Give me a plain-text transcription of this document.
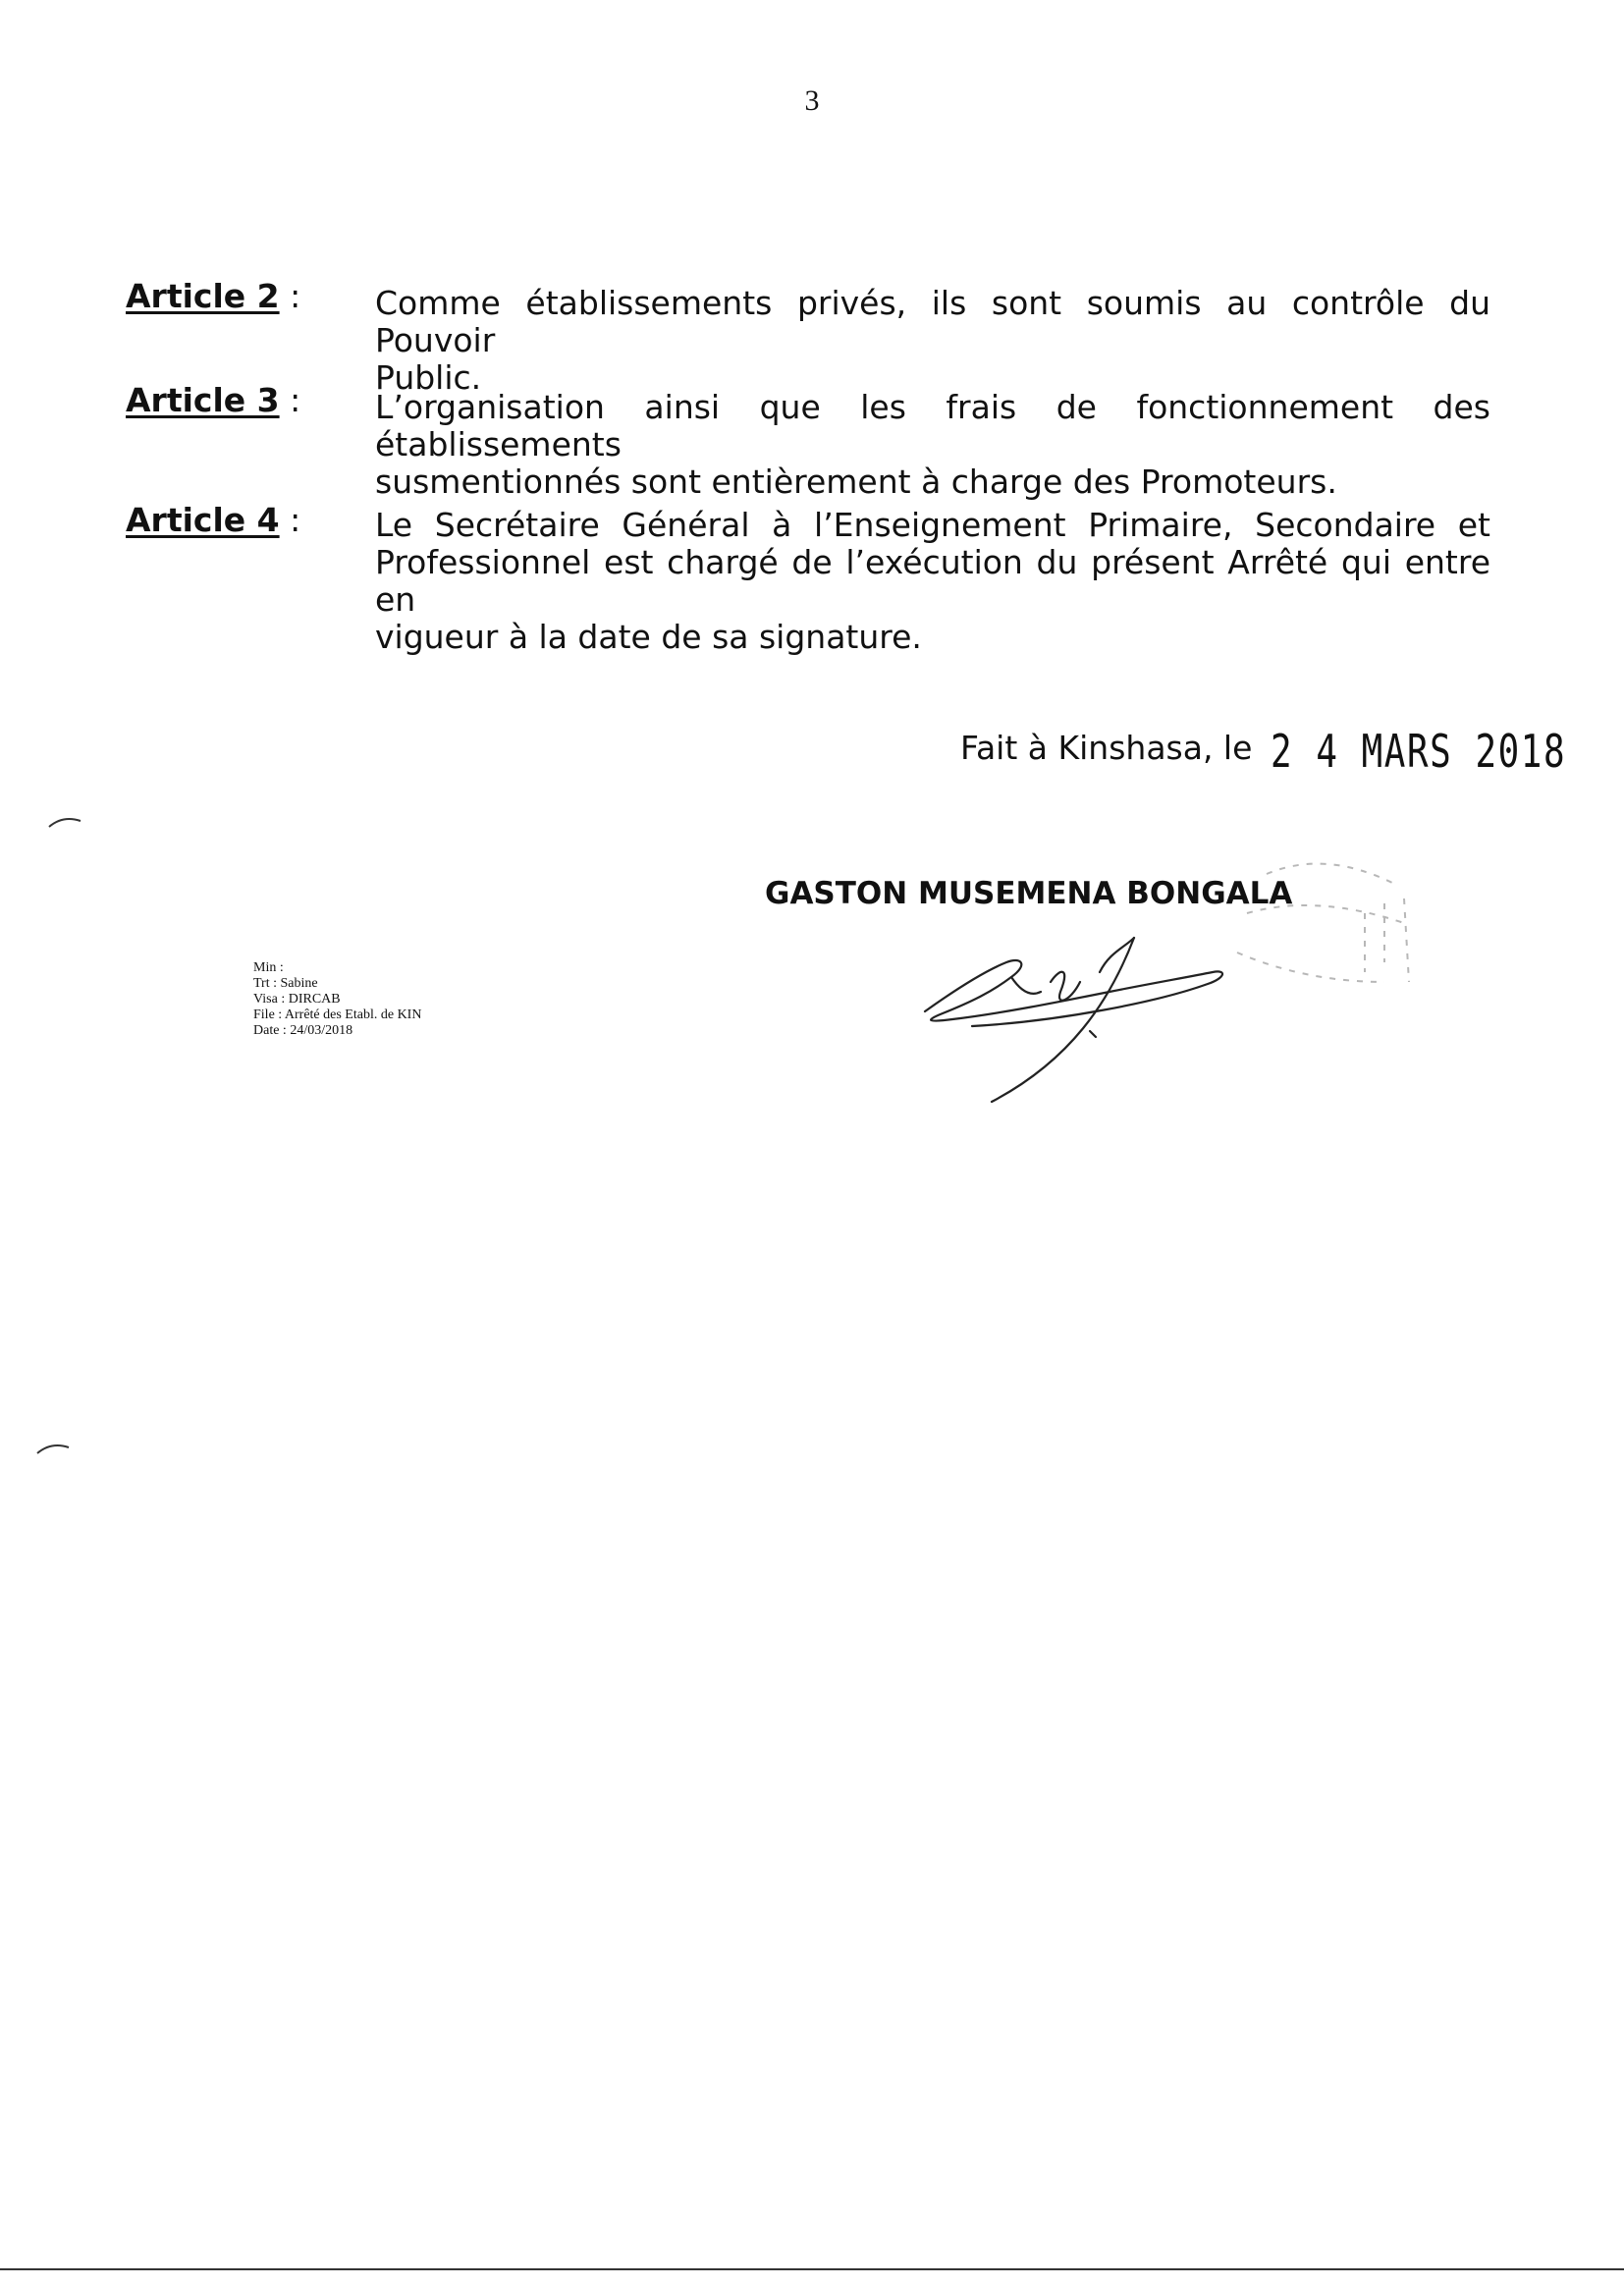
3
Article 2 : Comme établissements privés, ils sont soumis au contrôle du Pouvoir
Public.
Article 3 : L’organisation ainsi que les frais de fonctionnement des établissements
susmentionnés sont entièrement à charge des Promoteurs.
Article 4 : Le Secrétaire Général à l’Enseignement Primaire, Secondaire et
Professionnel est chargé de l’exécution du présent Arrêté qui entre en
vigueur à la date de sa signature.
Fait à Kinshasa, le 2 4 MARS 2018
GASTON MUSEMENA BONGALA
Min :
Trt : Sabine
Visa : DIRCAB
File : Arrêté des Etabl. de KIN
Date : 24/03/2018
